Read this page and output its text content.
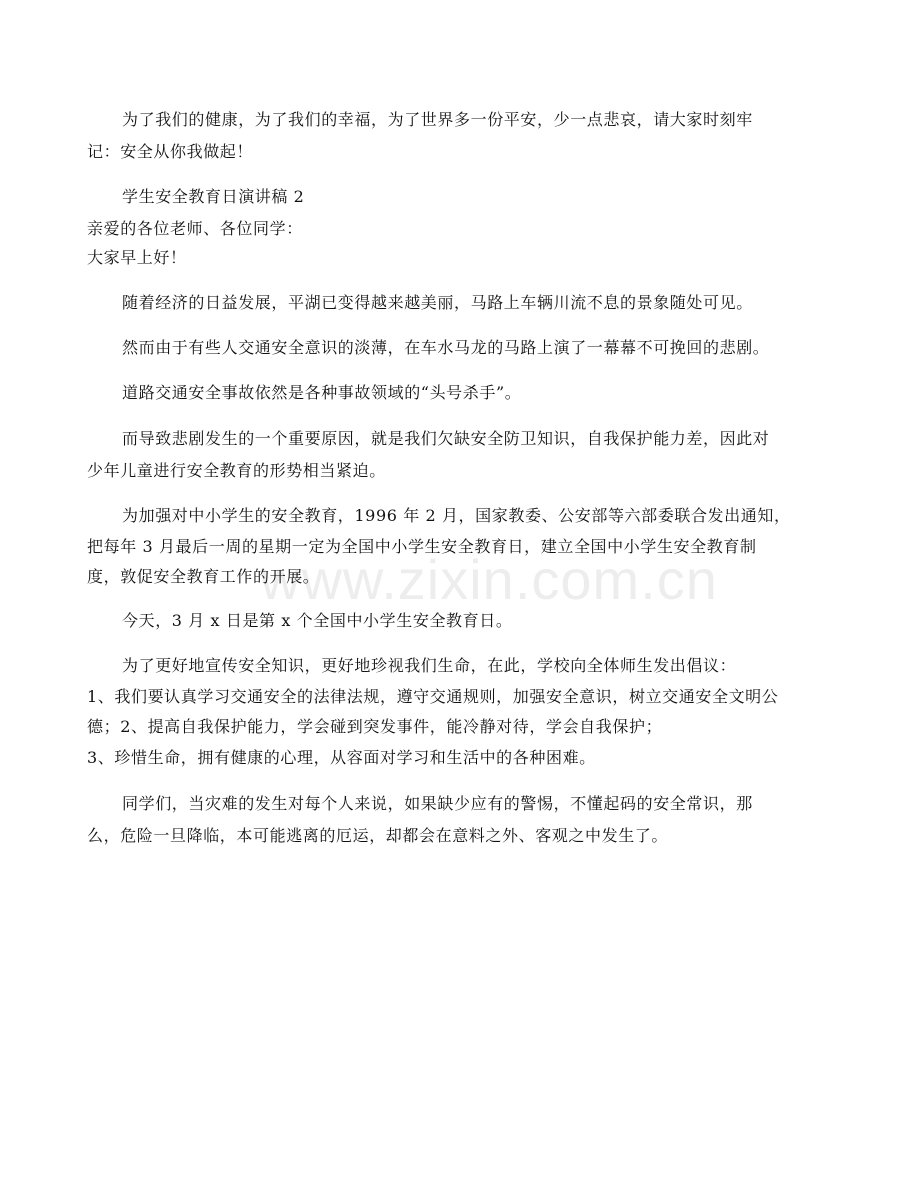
www.zixin.com.cn
为了我们的健康，为了我们的幸福，为了世界多一份平安，少一点悲哀，请大家时刻牢
记：安全从你我做起！
学生安全教育日演讲稿 2
亲爱的各位老师、各位同学：
大家早上好！
随着经济的日益发展，平湖已变得越来越美丽，马路上车辆川流不息的景象随处可见。
然而由于有些人交通安全意识的淡薄，在车水马龙的马路上演了一幕幕不可挽回的悲剧。
道路交通安全事故依然是各种事故领域的“头号杀手”。
而导致悲剧发生的一个重要原因，就是我们欠缺安全防卫知识，自我保护能力差，因此对
少年儿童进行安全教育的形势相当紧迫。
为加强对中小学生的安全教育，1996 年 2 月，国家教委、公安部等六部委联合发出通知，
把每年 3 月最后一周的星期一定为全国中小学生安全教育日，建立全国中小学生安全教育制
度，敦促安全教育工作的开展。
今天，3 月 x 日是第 x 个全国中小学生安全教育日。
为了更好地宣传安全知识，更好地珍视我们生命，在此，学校向全体师生发出倡议：
1、我们要认真学习交通安全的法律法规，遵守交通规则，加强安全意识，树立交通安全文明公
德；2、提高自我保护能力，学会碰到突发事件，能冷静对待，学会自我保护；
3、珍惜生命，拥有健康的心理，从容面对学习和生活中的各种困难。
同学们，当灾难的发生对每个人来说，如果缺少应有的警惕，不懂起码的安全常识，那
么，危险一旦降临，本可能逃离的厄运，却都会在意料之外、客观之中发生了。
